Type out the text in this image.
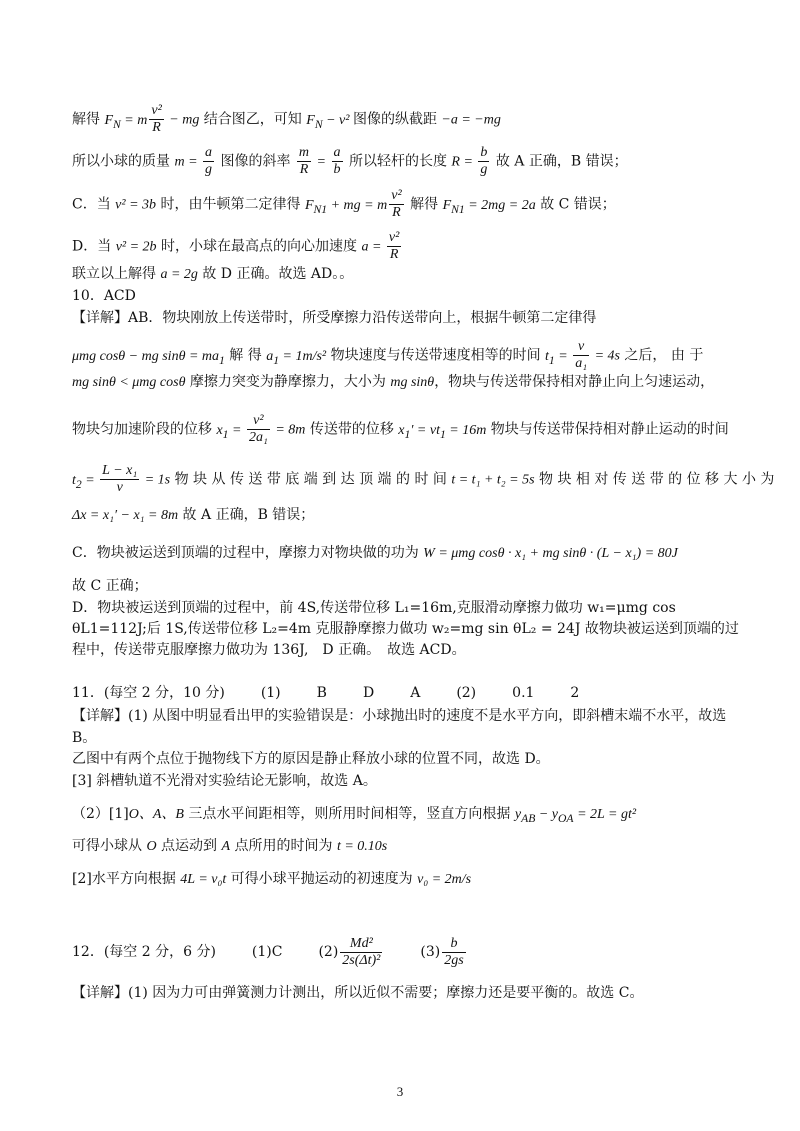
解得 $F_N = m \frac{\text{v²}}{R}$ − mg 结合图乙，可知 $F_N - v^2$ 图像的纵截距 −a = −mg
所以小球的质量 $m = \frac{a}{g}$ 图像的斜率 $\frac{m}{R} = \frac{a}{b}$ 所以轻杆的长度 $R = \frac{b}{g}$ 故 A 正确，B 错误；
C．当 v² = 3b 时，由牛顿第二定律得 $F_{N1}$ + mg = m $\frac{\text{v²}}{R}$ 解得 $F_{N1} = 2mg = 2a$ 故 C 错误；
D．当 v² = 2b 时，小球在最高点的向心加速度 $a = \frac{\text{v²}}{R}$
联立以上解得 a = 2g 故 D 正确。故选 AD。。
10．ACD
【详解】AB．物块刚放上传送带时，所受摩擦力沿传送带向上，根据牛顿第二定律得
μmg cosθ − mg $\sin\theta = ma_1$ 解 得 $a_1 = 1m/s^2$ 物块速度与传送带速度相等的时间 $t_1 = \frac{v}{\text{a₁}} = 4s$ 之后， 由 于
mg sinθ < μmg cosθ 摩擦力突变为静摩擦力，大小为 mg sinθ，物块与传送带保持相对静止向上匀速运动，
物块匀加速阶段的位移 $x_1 = \frac{\text{v²}}{\text{2a₁}} = 8m$ 传送带的位移 $x_1' = vt_1 = 16m$ 物块与传送带保持相对静止运动的时间
$t_2 = \frac{\text{L − x₁}}{v} = 1s$ 物 块 从 传 送 带 底 端 到 达 顶 端 的 时 间 t = t₁ + t₂ = 5s 物 块 相 对 传 送 带 的 位 移 大 小 为
Δx = x₁′ − x₁ = 8m 故 A 正确，B 错误；
C．物块被运送到顶端的过程中，摩擦力对物块做的功为 W = μmg cosθ · x₁ + mg sinθ · (L − x₁) = 80J
故 C 正确；
D．物块被运送到顶端的过程中，前 4S,传送带位移 L₁=16m,克服滑动摩擦力做功 w₁=μmg cos θL1=112J;后 1S,传送带位移 L₂=4m 克服静摩擦力做功 w₂=mg sin θL₂ = 24J 故物块被运送到顶端的过程中，传送带克服摩擦力做功为 136J,　D 正确。　故选 ACD。
11．(每空 2 分，10 分)	(1)	B	D	A	(2)	0.1	2
【详解】(1) 从图中明显看出甲的实验错误是：小球抛出时的速度不是水平方向，即斜槽末端不水平，故选 B。
乙图中有两个点位于抛物线下方的原因是静止释放小球的位置不同，故选 D。
[3] 斜槽轨道不光滑对实验结论无影响，故选 A。
（2）[1]O、A、B 三点水平间距相等，则所用时间相等，竖直方向根据 $y_{AB} - y_{OA} = 2L = gt^2$
可得小球从 O 点运动到 A 点所用的时间为 t = 0.10s
[2]水平方向根据 4L = v₀t 可得小球平抛运动的初速度为 v₀ = 2m/s
12．(每空 2 分，6 分)	(1)C	$(2) \frac{\text{Md²}}{\text{2s(Δt)²}}$	$(3) \frac{b}{2gs}$
【详解】(1) 因为力可由弹簧测力计测出，所以近似不需要；摩擦力还是要平衡的。故选 C。
3
